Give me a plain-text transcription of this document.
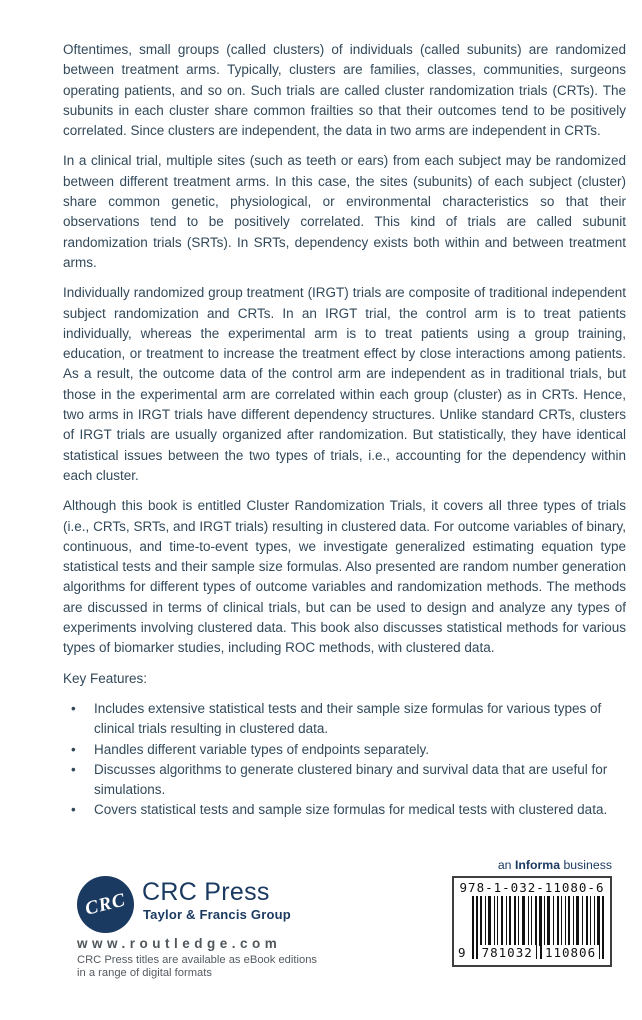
Oftentimes, small groups (called clusters) of individuals (called subunits) are randomized between treatment arms. Typically, clusters are families, classes, communities, surgeons operating patients, and so on. Such trials are called cluster randomization trials (CRTs). The subunits in each cluster share common frailties so that their outcomes tend to be positively correlated. Since clusters are independent, the data in two arms are independent in CRTs.

In a clinical trial, multiple sites (such as teeth or ears) from each subject may be randomized between different treatment arms. In this case, the sites (subunits) of each subject (cluster) share common genetic, physiological, or environmental characteristics so that their observations tend to be positively correlated. This kind of trials are called subunit randomization trials (SRTs). In SRTs, dependency exists both within and between treatment arms.

Individually randomized group treatment (IRGT) trials are composite of traditional independent subject randomization and CRTs. In an IRGT trial, the control arm is to treat patients individually, whereas the experimental arm is to treat patients using a group training, education, or treatment to increase the treatment effect by close interactions among patients. As a result, the outcome data of the control arm are independent as in traditional trials, but those in the experimental arm are correlated within each group (cluster) as in CRTs. Hence, two arms in IRGT trials have different dependency structures. Unlike standard CRTs, clusters of IRGT trials are usually organized after randomization. But statistically, they have identical statistical issues between the two types of trials, i.e., accounting for the dependency within each cluster.

Although this book is entitled Cluster Randomization Trials, it covers all three types of trials (i.e., CRTs, SRTs, and IRGT trials) resulting in clustered data. For outcome variables of binary, continuous, and time-to-event types, we investigate generalized estimating equation type statistical tests and their sample size formulas. Also presented are random number generation algorithms for different types of outcome variables and randomization methods. The methods are discussed in terms of clinical trials, but can be used to design and analyze any types of experiments involving clustered data. This book also discusses statistical methods for various types of biomarker studies, including ROC methods, with clustered data.

Key Features:

• Includes extensive statistical tests and their sample size formulas for various types of clinical trials resulting in clustered data.
• Handles different variable types of endpoints separately.
• Discusses algorithms to generate clustered binary and survival data that are useful for simulations.
• Covers statistical tests and sample size formulas for medical tests with clustered data.
CRC CRC Press
Taylor & Francis Group
www.routledge.com
CRC Press titles are available as eBook editions
in a range of digital formats
an Informa business
978-1-032-11080-6
781032 110806
9
